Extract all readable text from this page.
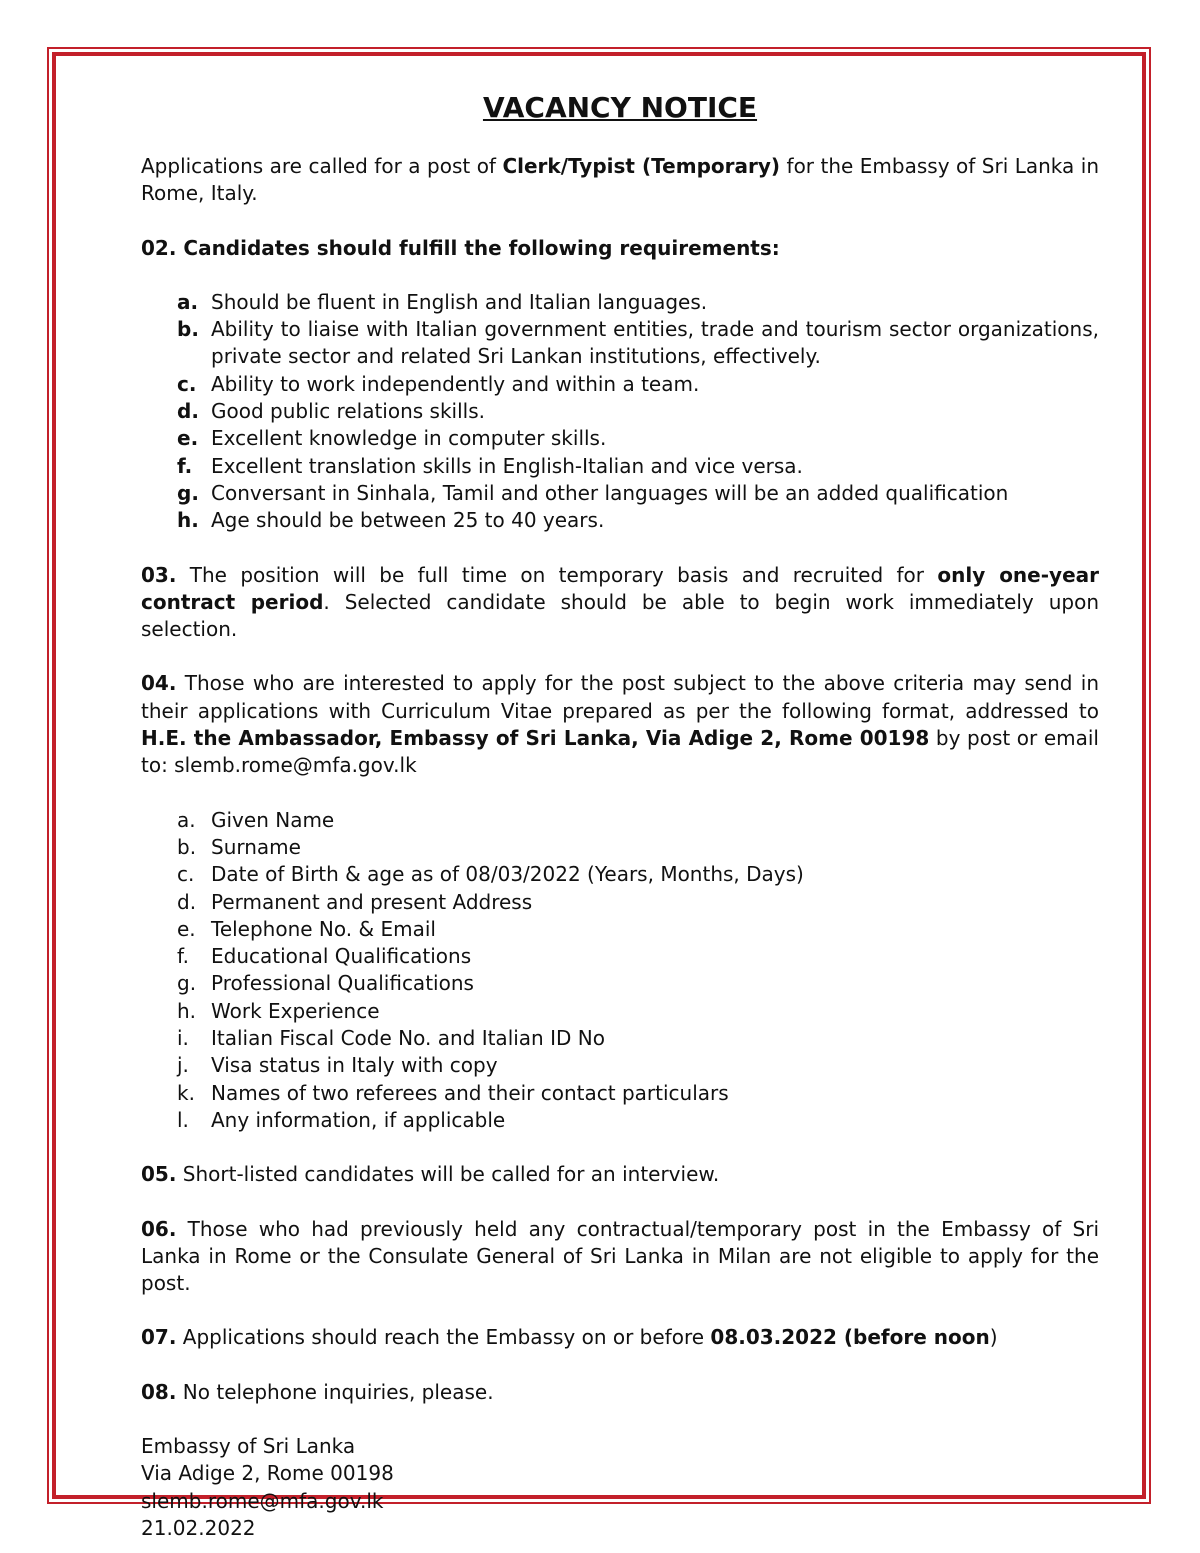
VACANCY NOTICE

Applications are called for a post of Clerk/Typist (Temporary) for the Embassy of Sri Lanka in Rome, Italy.

02. Candidates should fulfill the following requirements:

a. Should be fluent in English and Italian languages.
b. Ability to liaise with Italian government entities, trade and tourism sector organizations, private sector and related Sri Lankan institutions, effectively.
c. Ability to work independently and within a team.
d. Good public relations skills.
e. Excellent knowledge in computer skills.
f. Excellent translation skills in English-Italian and vice versa.
g. Conversant in Sinhala, Tamil and other languages will be an added qualification
h. Age should be between 25 to 40 years.

03. The position will be full time on temporary basis and recruited for only one-year contract period. Selected candidate should be able to begin work immediately upon selection.

04. Those who are interested to apply for the post subject to the above criteria may send in their applications with Curriculum Vitae prepared as per the following format, addressed to H.E. the Ambassador, Embassy of Sri Lanka, Via Adige 2, Rome 00198 by post or email to: slemb.rome@mfa.gov.lk

a. Given Name
b. Surname
c. Date of Birth & age as of 08/03/2022 (Years, Months, Days)
d. Permanent and present Address
e. Telephone No. & Email
f.	Educational Qualifications
g. Professional Qualifications
h. Work Experience
i.	Italian Fiscal Code No. and Italian ID No
j.	Visa status in Italy with copy
k. Names of two referees and their contact particulars
l.	Any information, if applicable

05. Short-listed candidates will be called for an interview.

06. Those who had previously held any contractual/temporary post in the Embassy of Sri Lanka in Rome or the Consulate General of Sri Lanka in Milan are not eligible to apply for the post.

07. Applications should reach the Embassy on or before 08.03.2022 (before noon)

08. No telephone inquiries, please.

Embassy of Sri Lanka
Via Adige 2, Rome 00198
slemb.rome@mfa.gov.lk
21.02.2022
